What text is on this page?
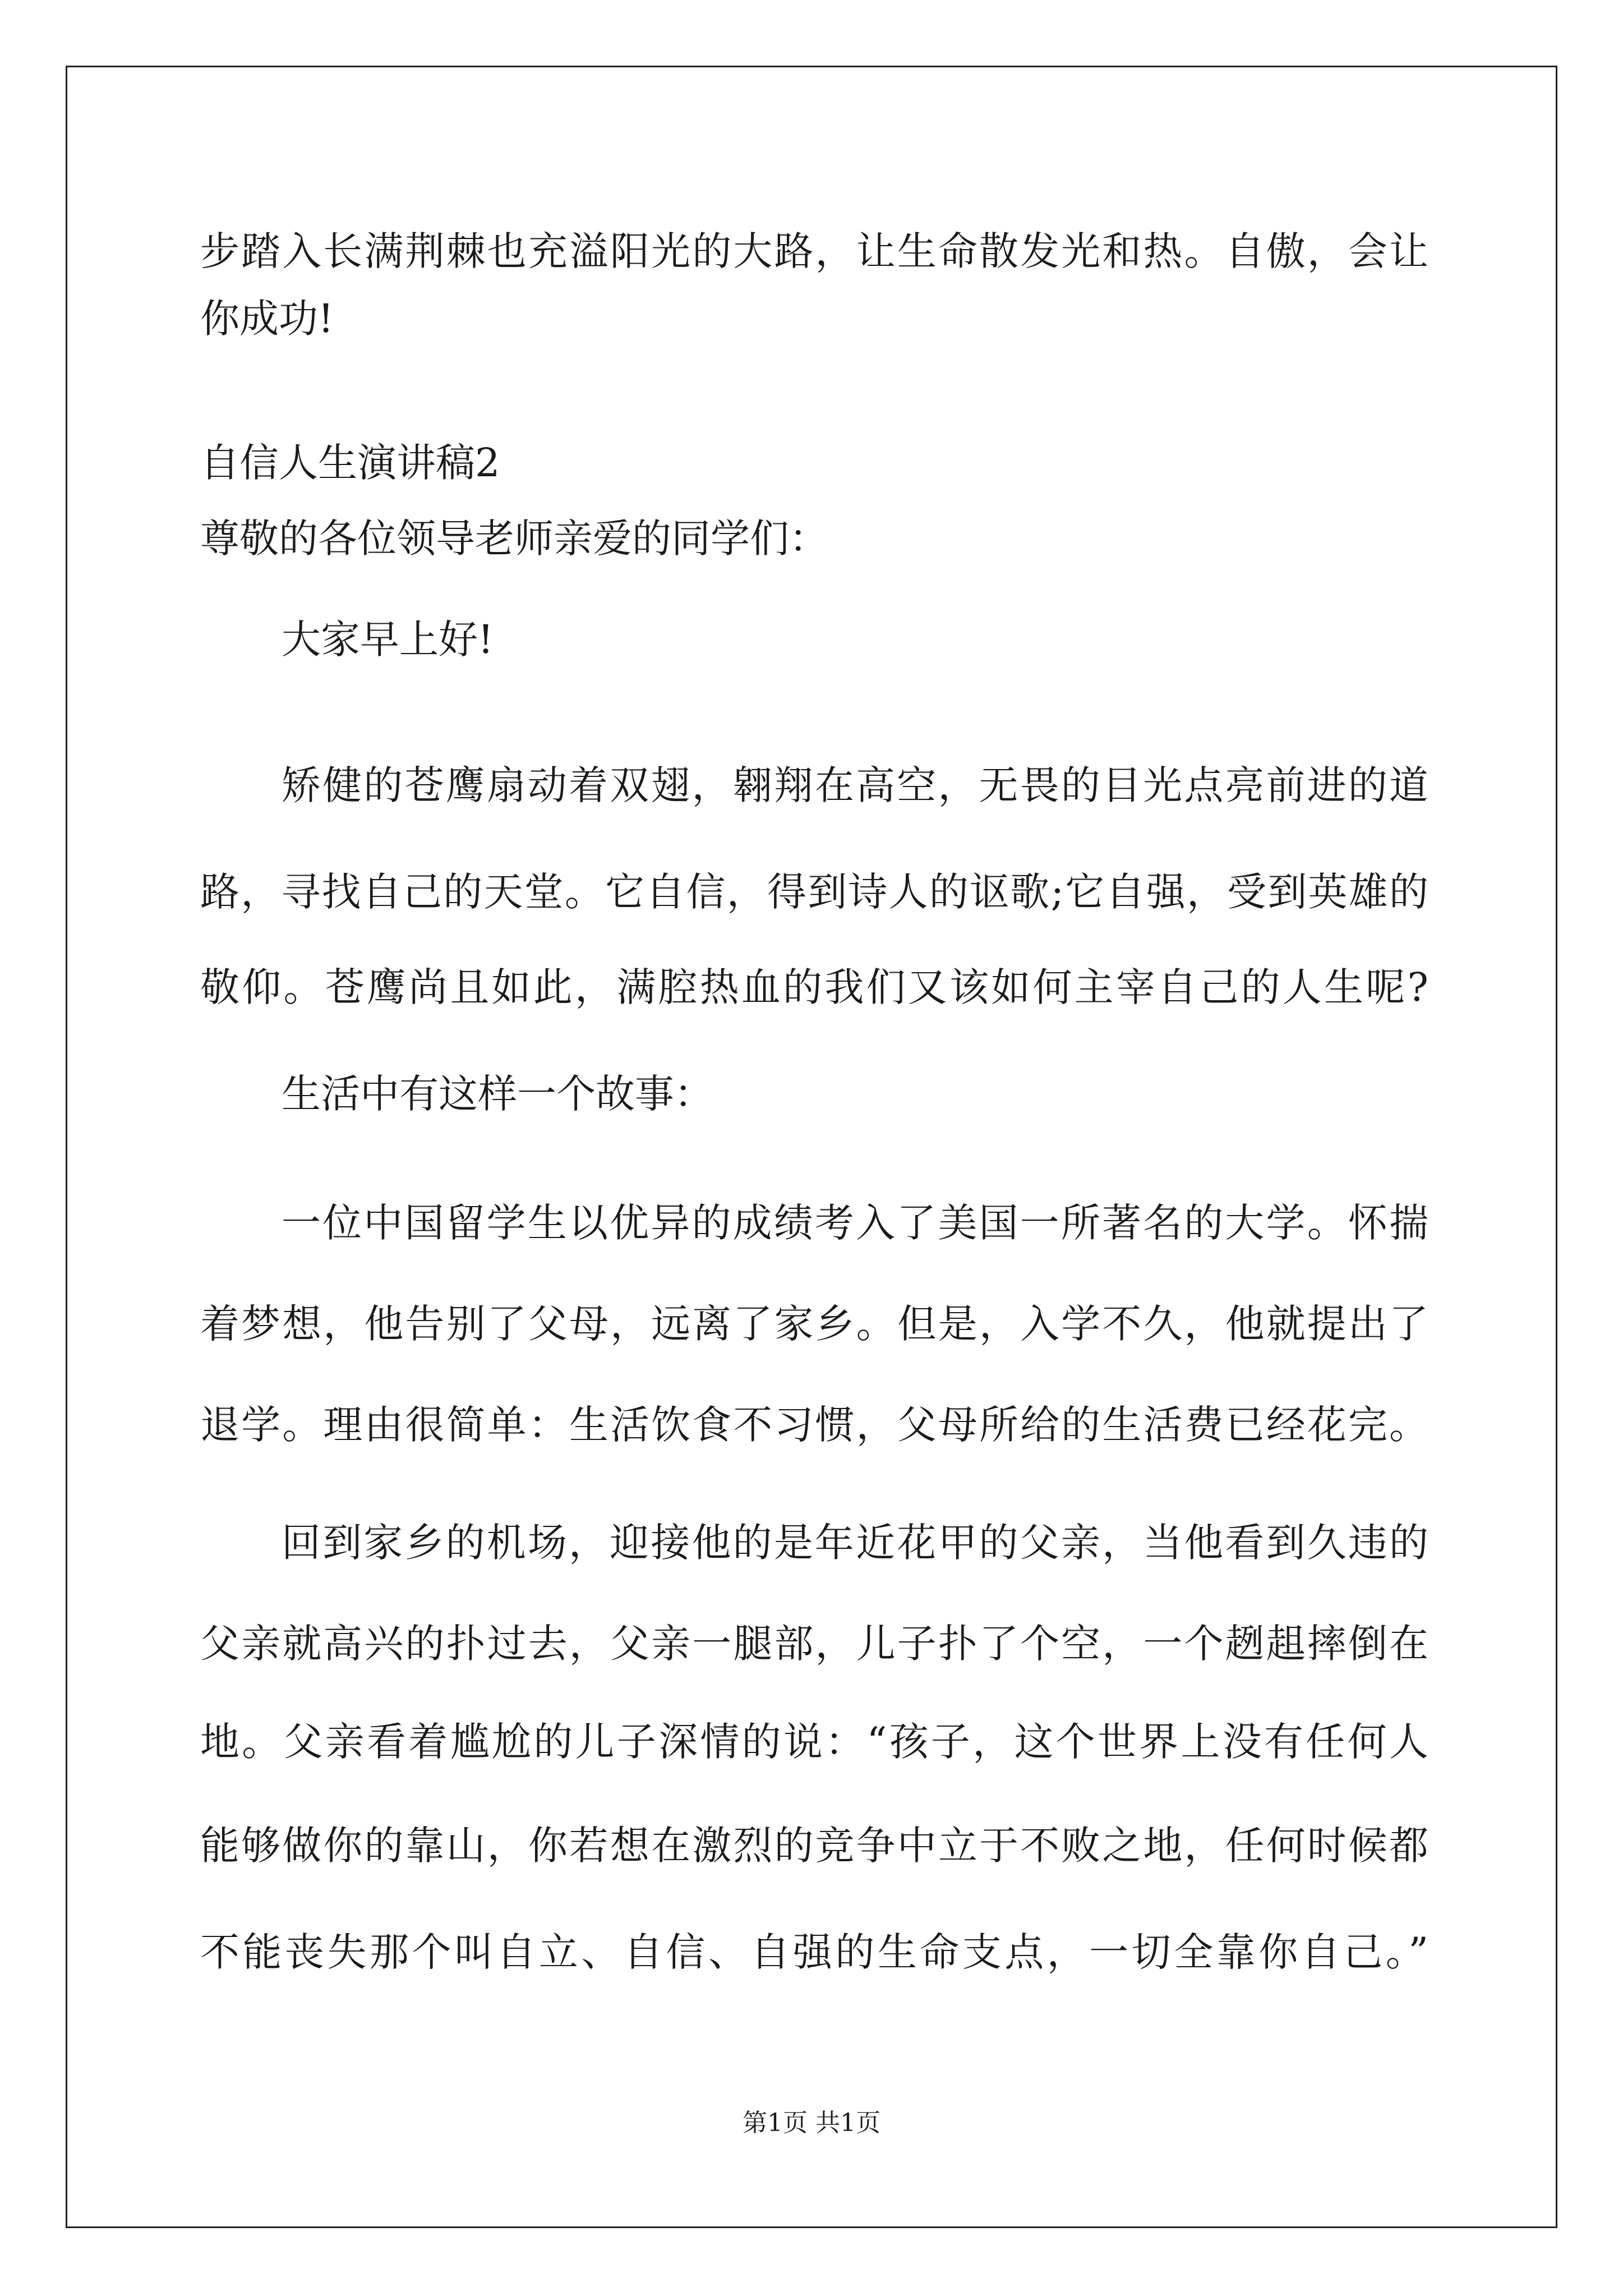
步踏入长满荆棘也充溢阳光的大路，让生命散发光和热。自傲，会让
你成功!
自信人生演讲稿2
尊敬的各位领导老师亲爱的同学们：
大家早上好!
矫健的苍鹰扇动着双翅，翱翔在高空，无畏的目光点亮前进的道
路，寻找自己的天堂。它自信，得到诗人的讴歌;它自强，受到英雄的
敬仰。苍鹰尚且如此，满腔热血的我们又该如何主宰自己的人生呢?
生活中有这样一个故事：
一位中国留学生以优异的成绩考入了美国一所著名的大学。怀揣
着梦想，他告别了父母，远离了家乡。但是，入学不久，他就提出了
退学。理由很简单：生活饮食不习惯，父母所给的生活费已经花完。
回到家乡的机场，迎接他的是年近花甲的父亲，当他看到久违的
父亲就高兴的扑过去，父亲一腿部，儿子扑了个空，一个趔趄摔倒在
地。父亲看着尴尬的儿子深情的说：“孩子，这个世界上没有任何人
能够做你的靠山，你若想在激烈的竞争中立于不败之地，任何时候都
不能丧失那个叫自立、自信、自强的生命支点，一切全靠你自己。”
第1页 共1页
